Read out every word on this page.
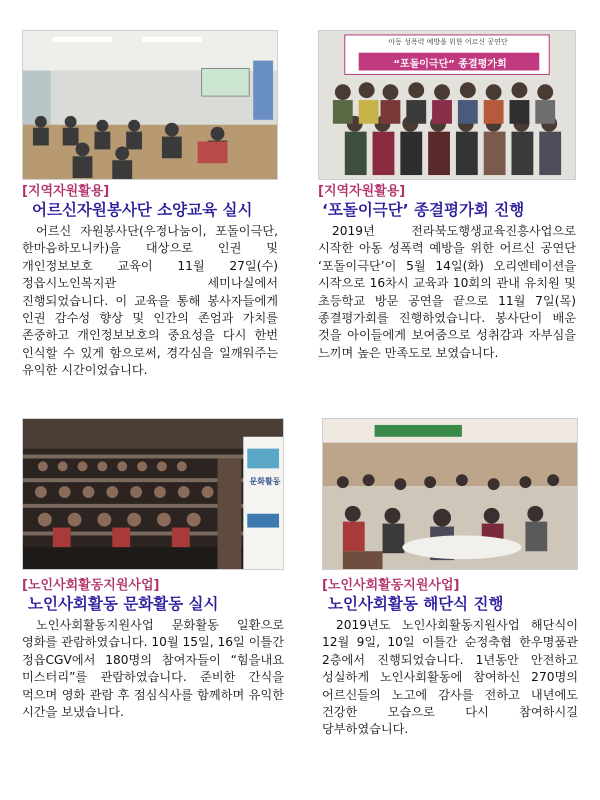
[지역자원활용]
어르신자원봉사단 소양교육 실시
어르신 자원봉사단(우정나눔이, 포돌이극단, 한마음하모니카)을 대상으로 인권 및 개인정보보호 교육이 11월 27일(수) 정읍시노인복지관 세미나실에서 진행되었습니다. 이 교육을 통해 봉사자들에게 인권 감수성 향상 및 인간의 존엄과 가치를 존중하고 개인정보보호의 중요성을 다시 한번 인식할 수 있게 함으로써, 경각심을 일깨워주는 유익한 시간이었습니다.
아동 성폭력 예방을 위한 어르신 공연단
“포돌이극단” 종결평가회
[지역자원활용]
‘포돌이극단’ 종결평가회 진행
2019년 전라북도행생교육진흥사업으로 시작한 아동 성폭력 예방을 위한 어르신 공연단 ‘포돌이극단’이 5월 14일(화) 오리엔테이션을 시작으로 16차시 교육과 10회의 관내 유치원 및 초등학교 방문 공연을 끝으로 11월 7일(목) 종결평가회를 진행하였습니다. 봉사단이 배운 것을 아이들에게 보여줌으로 성취감과 자부심을 느끼며 높은 만족도로 보였습니다.
문화활동
[노인사회활동지원사업]
노인사회활동 문화활동 실시
노인사회활동지원사업 문화활동 일환으로 영화를 관람하였습니다. 10월 15일, 16일 이틀간 정읍CGV에서 180명의 참여자들이 “힘을내요 미스터리”를 관람하였습니다. 준비한 간식을 먹으며 영화 관람 후 점심식사를 함께하며 유익한 시간을 보냈습니다.
[노인사회활동지원사업]
노인사회활동 해단식 진행
2019년도 노인사회활동지원사업 해단식이 12월 9일, 10일 이틀간 순정축협 한우명품관 2층에서 진행되었습니다. 1년동안 안전하고 성실하게 노인사회활동에 참여하신 270명의 어르신들의 노고에 감사를 전하고 내년에도 건강한 모습으로 다시 참여하시길 당부하였습니다.
